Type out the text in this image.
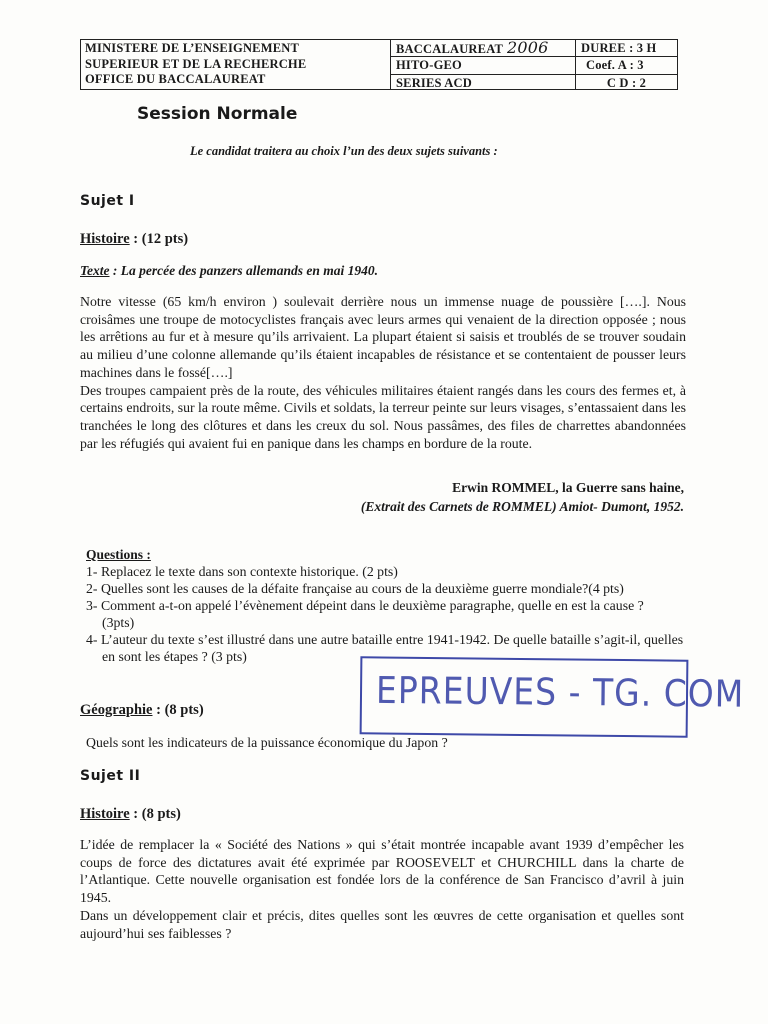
MINISTERE DE L’ENSEIGNEMENT
SUPERIEUR ET DE LA RECHERCHE
OFFICE DU BACCALAUREAT
BACCALAUREAT 2006
HITO-GEO
SERIES ACD
DUREE : 3 H
Coef. A : 3
C D : 2
Session Normale
Le candidat traitera au choix l’un des deux sujets suivants :
Sujet I
Histoire : (12 pts)
Texte : La percée des panzers allemands en mai 1940.

Notre vitesse (65 km/h environ ) soulevait derrière nous un immense nuage de poussière [….]. Nous croisâmes une troupe de motocyclistes français avec leurs armes qui venaient de la direction opposée ; nous les arrêtions au fur et à mesure qu’ils arrivaient. La plupart étaient si saisis et troublés de se trouver soudain au milieu d’une colonne allemande qu’ils étaient incapables de résistance et se contentaient de pousser leurs machines dans le fossé[….]

Des troupes campaient près de la route, des véhicules militaires étaient rangés dans les cours des fermes et, à certains endroits, sur la route même. Civils et soldats, la terreur peinte sur leurs visages, s’entassaient dans les tranchées le long des clôtures et dans les creux du sol. Nous passâmes, des files de charrettes abandonnées par les réfugiés qui avaient fui en panique dans les champs en bordure de la route.

Erwin ROMMEL, la Guerre sans haine,
(Extrait des Carnets de ROMMEL) Amiot- Dumont, 1952.
Questions :
1- Replacez le texte dans son contexte historique. (2 pts)
2- Quelles sont les causes de la défaite française au cours de la deuxième guerre mondiale?(4 pts)
3- Comment a-t-on appelé l’évènement dépeint dans le deuxième paragraphe, quelle en est la cause ? (3pts)
4- L’auteur du texte s’est illustré dans une autre bataille entre 1941-1942. De quelle bataille s’agit-il, quelles en sont les étapes ? (3 pts)
EPREUVES - TG. COM
Géographie : (8 pts)
Quels sont les indicateurs de la puissance économique du Japon ?
Sujet II
Histoire : (8 pts)

L’idée de remplacer la « Société des Nations » qui s’était montrée incapable avant 1939 d’empêcher les coups de force des dictatures avait été exprimée par ROOSEVELT et CHURCHILL dans la charte de l’Atlantique. Cette nouvelle organisation est fondée lors de la conférence de San Francisco d’avril à juin 1945.

Dans un développement clair et précis, dites quelles sont les œuvres de cette organisation et quelles sont aujourd’hui ses faiblesses ?
